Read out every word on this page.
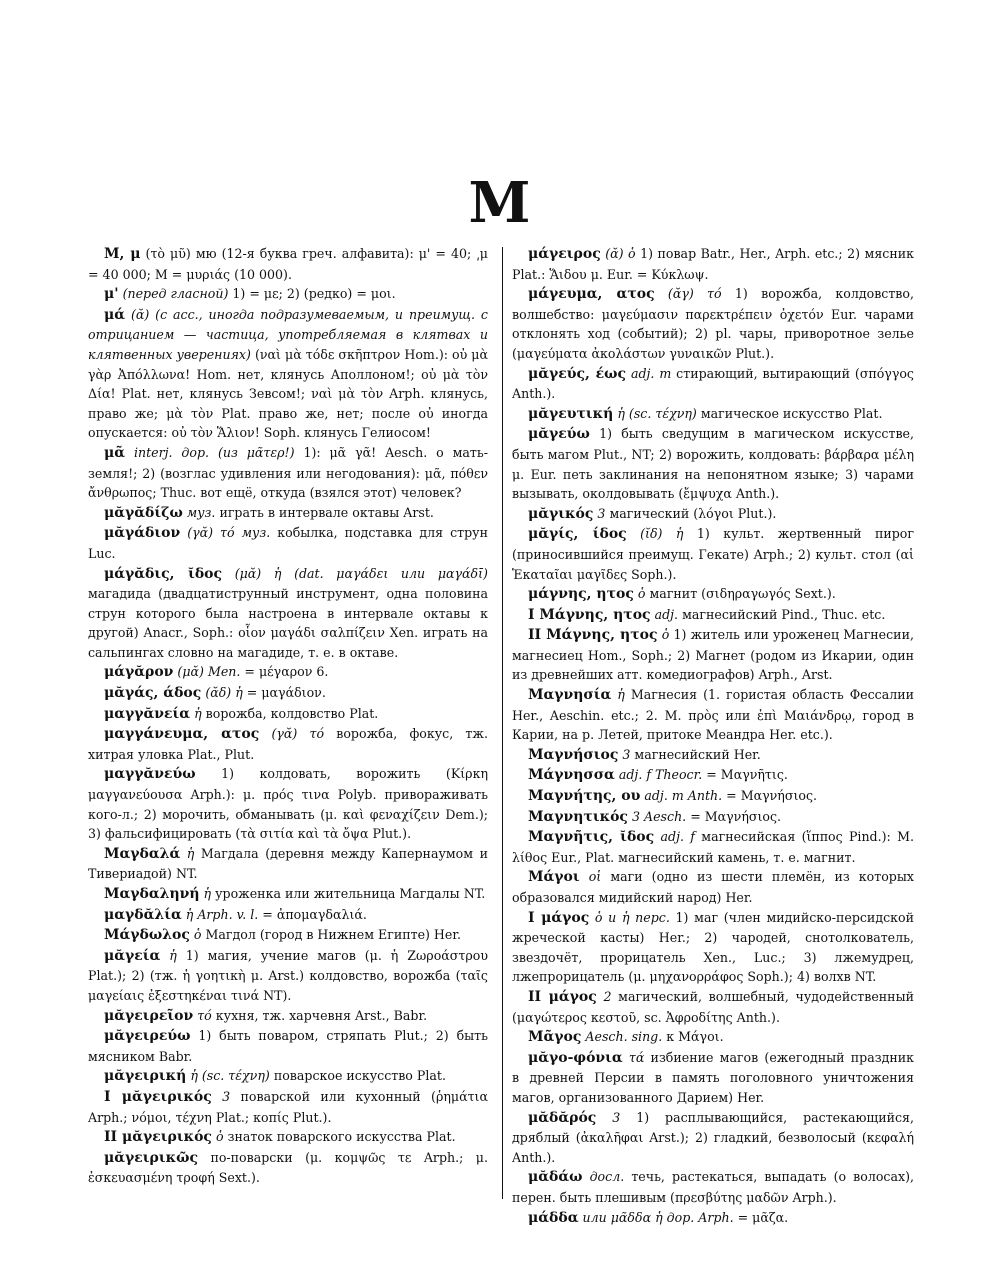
М

Μ, μ (τὸ μῦ) мю (12-я буква греч. алфавита): μ' = 40; ͵μ = 40 000; Μ = μυριάς (10 000).

μ' (перед гласной) 1) = με; 2) (редко) = μοι.

μά (ᾰ) (с acc., иногда подразумеваемым, и преимущ. с отрицанием — частица, употребляемая в клятвах и клятвенных уверениях) (ναὶ μὰ τόδε σκῆπτρον Hom.): οὐ μὰ γὰρ Ἀπόλλωνα! Hom. нет, клянусь Аполлоном!; οὐ μὰ τὸν Δία! Plat. нет, клянусь Зевсом!; ναὶ μὰ τὸν Arph. клянусь, право же; μὰ τὸν Plat. право же, нет; после οὐ иногда опускается: οὐ τὸν Ἅλιον! Soph. клянусь Гелиосом!

μᾶ interj. дор. (из μᾶτερ!) 1): μᾶ γᾶ! Aesch. о мать-земля!; 2) (возглас удивления или негодования): μᾶ, πόθεν ἄνθρωπος; Thuc. вот ещё, откуда (взялся этот) человек?

μᾰγᾰδίζω муз. играть в интервале октавы Arst.

μᾰγάδιον (γᾰ) τό муз. кобылка, подставка для струн Luc.

μάγᾰδις, ῐδος (μᾰ) ἡ (dat. μαγάδει или μαγάδῑ) магадида (двадцатиструнный инструмент, одна половина струн которого была настроена в интервале октавы к другой) Anacr., Soph.: οἷον μαγάδι σαλπίζειν Xen. играть на сальпингах словно на магадиде, т. е. в октаве.

μάγᾰρον (μᾰ) Men. = μέγαρον 6.

μᾰγάς, άδος (ᾰδ) ἡ = μαγάδιον.

μαγγᾰνεία ἡ ворожба, колдовство Plat.

μαγγάνευμα, ατος (γᾰ) τό ворожба, фокус, тж. хитрая уловка Plat., Plut.

μαγγᾰνεύω 1) колдовать, ворожить (Κίρκη μαγγανεύουσα Arph.): μ. πρός τινα Polyb. привораживать кого-л.; 2) морочить, обманывать (μ. καὶ φεναχίζειν Dem.); 3) фальсифицировать (τὰ σιτία καὶ τὰ ὄψα Plut.).

Μαγδαλά ἡ Магдала (деревня между Капернаумом и Тивериадой) NT.

Μαγδαληνή ἡ уроженка или жительница Магдалы NT.

μαγδᾰλία ἡ Arph. v. l. = ἀπομαγδαλιά.

Μάγδωλος ὁ Магдол (город в Нижнем Египте) Her.

μᾰγεία ἡ 1) магия, учение магов (μ. ἡ Ζωροάστρου Plat.); 2) (тж. ἡ γοητικὴ μ. Arst.) колдовство, ворожба (ταῖς μαγείαις ἐξεστηκέναι τινά NT).

μᾰγειρεῖον τό кухня, тж. харчевня Arst., Babr.

μᾰγειρεύω 1) быть поваром, стряпать Plut.; 2) быть мясником Babr.

μᾰγειρική ἡ (sc. τέχνη) поварское искусство Plat.

I μᾰγειρικός 3 поварской или кухонный (ῥημάτια Arph.; νόμοι, τέχνη Plat.; κοπίς Plut.).

II μᾰγειρικός ὁ знаток поварского искусства Plat.

μᾰγειρικῶς по-поварски (μ. κομψῶς τε Arph.; μ. ἐσκευασμένη τροφή Sext.).

μάγειρος (ᾰ) ὁ 1) повар Batr., Her., Arph. etc.; 2) мясник Plat.: Ἅιδου μ. Eur. = Κύκλωψ.

μάγευμα, ατος (ᾰγ) τό 1) ворожба, колдовство, волшебство: μαγεύμασιν παρεκτρέπειν ὀχετόν Eur. чарами отклонять ход (событий); 2) pl. чары, приворотное зелье (μαγεύματα ἀκολάστων γυναικῶν Plut.).

μᾰγεύς, έως adj. m стирающий, вытирающий (σπόγγος Anth.).

μᾰγευτική ἡ (sc. τέχνη) магическое искусство Plat.

μᾰγεύω 1) быть сведущим в магическом искусстве, быть магом Plut., NT; 2) ворожить, колдовать: βάρβαρα μέλη μ. Eur. петь заклинания на непонятном языке; 3) чарами вызывать, околдовывать (ἔμψυχα Anth.).

μᾰγικός 3 магический (λόγοι Plut.).

μᾰγίς, ίδος (ῐδ) ἡ 1) культ. жертвенный пирог (приносившийся преимущ. Гекате) Arph.; 2) культ. стол (αἱ Ἑκαταῖαι μαγῖδες Soph.).

μάγνης, ητος ὁ магнит (σιδηραγωγός Sext.).

I Μάγνης, ητος adj. магнесийский Pind., Thuc. etc.

II Μάγνης, ητος ὁ 1) житель или уроженец Магнесии, магнесиец Hom., Soph.; 2) Магнет (родом из Икарии, один из древнейших атт. комедиографов) Arph., Arst.

Μαγνησία ἡ Магнесия (1. гористая область Фессалии Her., Aeschin. etc.; 2. Μ. πρὸς или ἐπὶ Μαιάνδρῳ, город в Карии, на р. Летей, притоке Меандра Her. etc.).

Μαγνήσιος 3 магнесийский Her.

Μάγνησσα adj. f Theocr. = Μαγνῆτις.

Μαγνήτης, ου adj. m Anth. = Μαγνήσιος.

Μαγνητικός 3 Aesch. = Μαγνήσιος.

Μαγνῆτις, ῐδος adj. f магнесийская (ἵππος Pind.): Μ. λίθος Eur., Plat. магнесийский камень, т. е. магнит.

Μάγοι οἱ маги (одно из шести племён, из которых образовался мидийский народ) Her.

I μάγος ὁ и ἡ перс. 1) маг (член мидийско-персидской жреческой касты) Her.; 2) чародей, снотолкователь, звездочёт, прорицатель Xen., Luc.; 3) лжемудрец, лжепрорицатель (μ. μηχανορράφος Soph.); 4) волхв NT.

II μάγος 2 магический, волшебный, чудодейственный (μαγώτερος κεστοῦ, sc. Ἀφροδίτης Anth.).

Μᾶγος Aesch. sing. к Μάγοι.

μᾰγο-φόνια τά избиение магов (ежегодный праздник в древней Персии в память поголовного уничтожения магов, организованного Дарием) Her.

μᾰδᾰρός 3 1) расплывающийся, растекающийся, дряблый (ἀκαλῆφαι Arst.); 2) гладкий, безволосый (κεφαλή Anth.).

μᾰδάω досл. течь, растекаться, выпадать (о волосах), перен. быть плешивым (πρεσβύτης μαδῶν Arph.).

μάδδα или μᾶδδα ἡ дор. Arph. = μᾶζα.
